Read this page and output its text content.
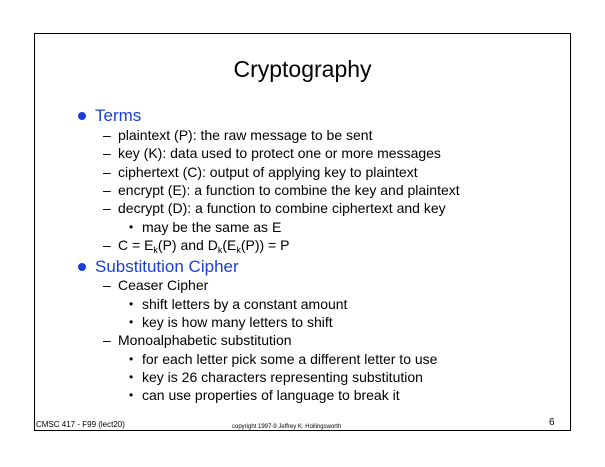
Cryptography
Terms
– plaintext (P): the raw message to be sent
– key (K): data used to protect one or more messages
– ciphertext (C): output of applying key to plaintext
– encrypt (E): a function to combine the key and plaintext
– decrypt (D): a function to combine ciphertext and key
• may be the same as E
– $C = E_k(P)$ and $D_k(E_k(P)) = P$
Substitution Cipher
– Ceaser Cipher
• shift letters by a constant amount
• key is how many letters to shift
– Monoalphabetic substitution
• for each letter pick some a different letter to use
• key is 26 characters representing substitution
• can use properties of language to break it
CMSC 417 - F99 (lect20)	copyright 1997-9 Jeffrey K. Hollingsworth	6
